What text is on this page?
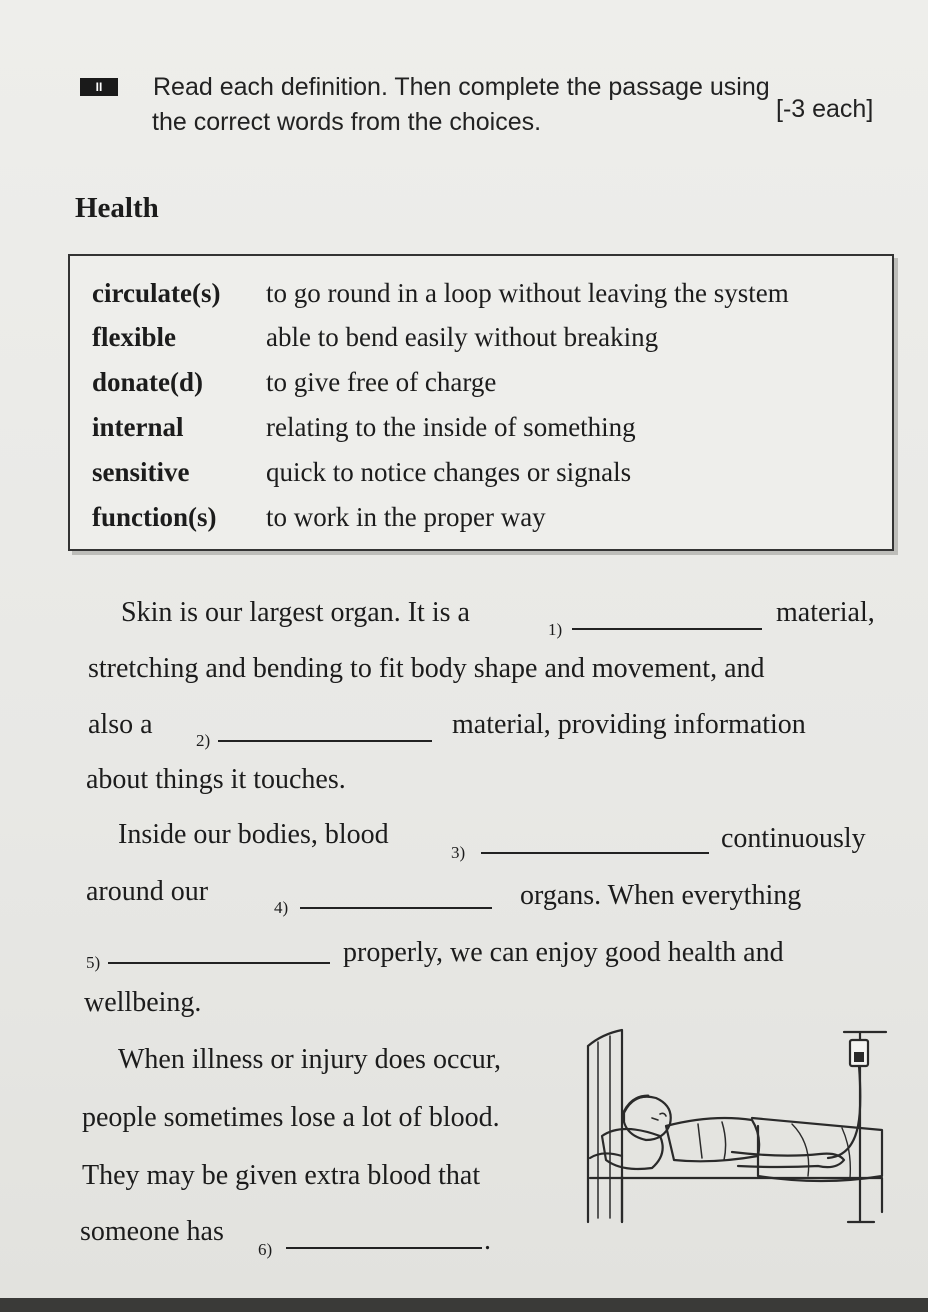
II	Read each definition. Then complete the passage using
the correct words from the choices.	[-3 each]
Health
circulate(s) to go round in a loop without leaving the system
flexible	able to bend easily without breaking
donate(d) to give free of charge
internal	relating to the inside of something
sensitive	quick to notice changes or signals
function(s) to work in the proper way
Skin is our largest organ. It is a
1)
material,
stretching and bending to fit body shape and movement, and
also a
2)
material, providing information
about things it touches.
Inside our bodies, blood
3)	continuously
around our
4)	organs. When everything
5)	properly, we can enjoy good health and
wellbeing.
When illness or injury does occur,
people sometimes lose a lot of blood.
They may be given extra blood that
someone has
6)	.
